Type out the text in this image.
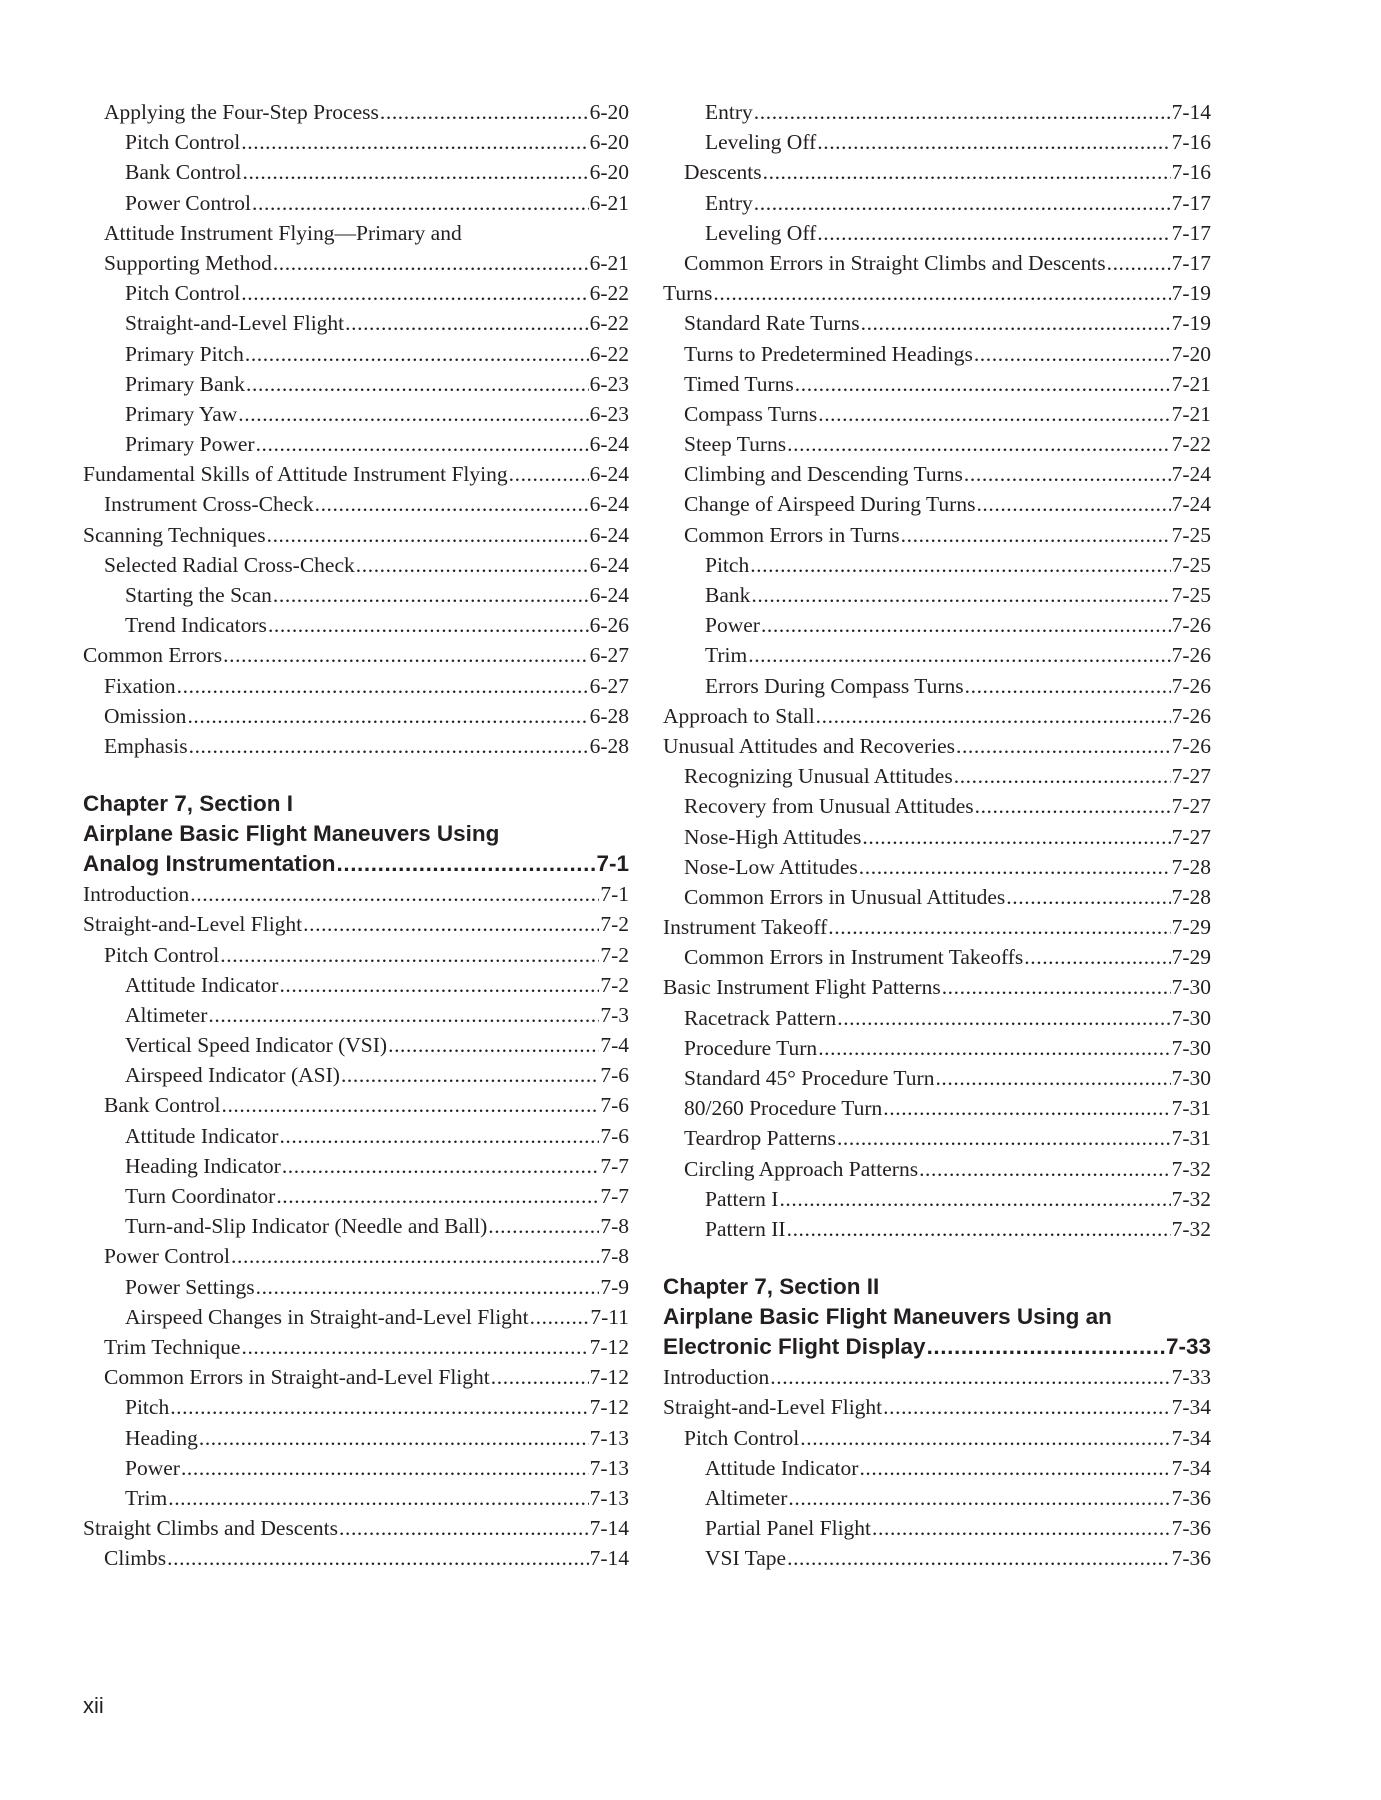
Applying the Four-Step Process .....	6-20
Pitch Control .....	6-20
Bank Control .....	6-20
Power Control .....	6-21
Attitude Instrument Flying—Primary and
Supporting Method .....	6-21
Pitch Control .....	6-22
Straight-and-Level Flight .....	6-22
Primary Pitch .....	6-22
Primary Bank .....	6-23
Primary Yaw .....	6-23
Primary Power .....	6-24
Fundamental Skills of Attitude Instrument Flying .....	6-24
Instrument Cross-Check .....	6-24
Scanning Techniques .....	6-24
Selected Radial Cross-Check .....	6-24
Starting the Scan .....	6-24
Trend Indicators .....	6-26
Common Errors .....	6-27
Fixation .....	6-27
Omission .....	6-28
Emphasis .....	6-28
Chapter 7, Section I
Airplane Basic Flight Maneuvers Using
Analog Instrumentation .....	7-1
Introduction .....	7-1
Straight-and-Level Flight .....	7-2
Pitch Control .....	7-2
Attitude Indicator .....	7-2
Altimeter .....	7-3
Vertical Speed Indicator (VSI) .....	7-4
Airspeed Indicator (ASI) .....	7-6
Bank Control .....	7-6
Attitude Indicator .....	7-6
Heading Indicator .....	7-7
Turn Coordinator .....	7-7
Turn-and-Slip Indicator (Needle and Ball) .....	7-8
Power Control .....	7-8
Power Settings .....	7-9
Airspeed Changes in Straight-and-Level Flight .....	7-11
Trim Technique .....	7-12
Common Errors in Straight-and-Level Flight .....	7-12
Pitch .....	7-12
Heading .....	7-13
Power .....	7-13
Trim .....	7-13
Straight Climbs and Descents .....	7-14
Climbs .....	7-14
Entry .....	7-14
Leveling Off .....	7-16
Descents .....	7-16
Entry .....	7-17
Leveling Off .....	7-17
Common Errors in Straight Climbs and Descents .....	7-17
Turns .....	7-19
Standard Rate Turns .....	7-19
Turns to Predetermined Headings .....	7-20
Timed Turns .....	7-21
Compass Turns .....	7-21
Steep Turns .....	7-22
Climbing and Descending Turns .....	7-24
Change of Airspeed During Turns .....	7-24
Common Errors in Turns .....	7-25
Pitch .....	7-25
Bank .....	7-25
Power .....	7-26
Trim .....	7-26
Errors During Compass Turns .....	7-26
Approach to Stall .....	7-26
Unusual Attitudes and Recoveries .....	7-26
Recognizing Unusual Attitudes .....	7-27
Recovery from Unusual Attitudes .....	7-27
Nose-High Attitudes .....	7-27
Nose-Low Attitudes .....	7-28
Common Errors in Unusual Attitudes .....	7-28
Instrument Takeoff .....	7-29
Common Errors in Instrument Takeoffs .....	7-29
Basic Instrument Flight Patterns .....	7-30
Racetrack Pattern .....	7-30
Procedure Turn .....	7-30
Standard 45° Procedure Turn .....	7-30
80/260 Procedure Turn .....	7-31
Teardrop Patterns .....	7-31
Circling Approach Patterns .....	7-32
Pattern I .....	7-32
Pattern II .....	7-32
Chapter 7, Section II
Airplane Basic Flight Maneuvers Using an
Electronic Flight Display .....	7-33
Introduction .....	7-33
Straight-and-Level Flight .....	7-34
Pitch Control .....	7-34
Attitude Indicator .....	7-34
Altimeter .....	7-36
Partial Panel Flight .....	7-36
VSI Tape .....	7-36
xii
